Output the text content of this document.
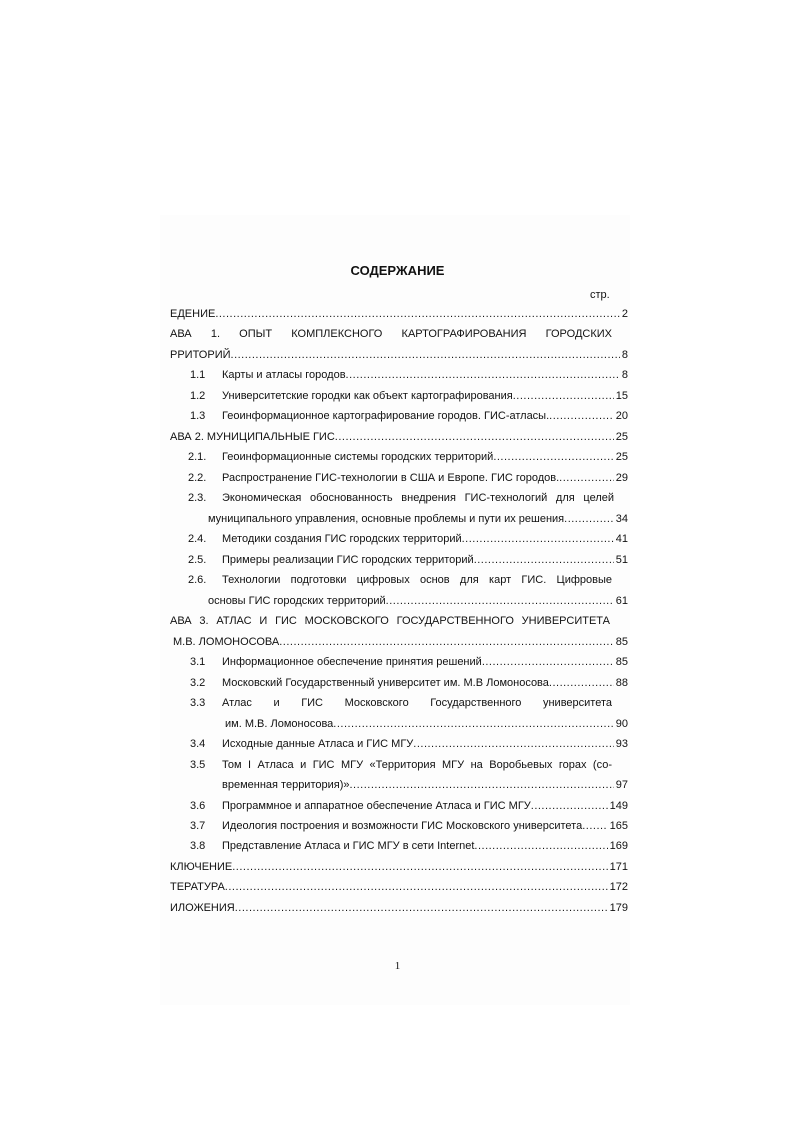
СОДЕРЖАНИЕ
стр.
ЕДЕНИЕ .....	2
АВА 1. ОПЫТ КОМПЛЕКСНОГО КАРТОГРАФИРОВАНИЯ ГОРОДСКИХ
РРИТОРИЙ .....	8
1.1	Карты и атласы городов .....	8
1.2	Университетские городки как объект картографирования .....	15
1.3	Геоинформационное картографирование городов. ГИС-атласы. .....	20
АВА 2. МУНИЦИПАЛЬНЫЕ ГИС .....	25
2.1.	Геоинформационные системы городских территорий .....	25
2.2.	Распространение ГИС-технологии в США и Европе. ГИС городов. .....	29
2.3.	Экономическая обоснованность внедрения ГИС-технологий для целей
муниципального управления, основные проблемы и пути их решения .....	34
2.4.	Методики создания ГИС городских территорий .....	41
2.5.	Примеры реализации ГИС городских территорий .....	51
2.6.	Технологии подготовки цифровых основ для карт ГИС. Цифровые
основы ГИС городских территорий .....	61
АВА 3. АТЛАС И ГИС МОСКОВСКОГО ГОСУДАРСТВЕННОГО УНИВЕРСИТЕТА
М.В. ЛОМОНОСОВА .....	85
3.1	Информационное обеспечение принятия решений .....	85
3.2	Московский Государственный университет им. М.В Ломоносова .....	88
3.3	Атлас и ГИС Московского Государственного университета
им. М.В. Ломоносова .....	90
3.4	Исходные данные Атласа и ГИС МГУ .....	93
3.5	Том I Атласа и ГИС МГУ «Территория МГУ на Воробьевых горах (со-
временная территория)» .....	97
3.6	Программное и аппаратное обеспечение Атласа и ГИС МГУ .....	149
3.7	Идеология построения и возможности ГИС Московского университета ..... 165
3.8	Представление Атласа и ГИС МГУ в сети Internet .....	169
КЛЮЧЕНИЕ .....	171
ТЕРАТУРА .....	172
ИЛОЖЕНИЯ .....	179
1
